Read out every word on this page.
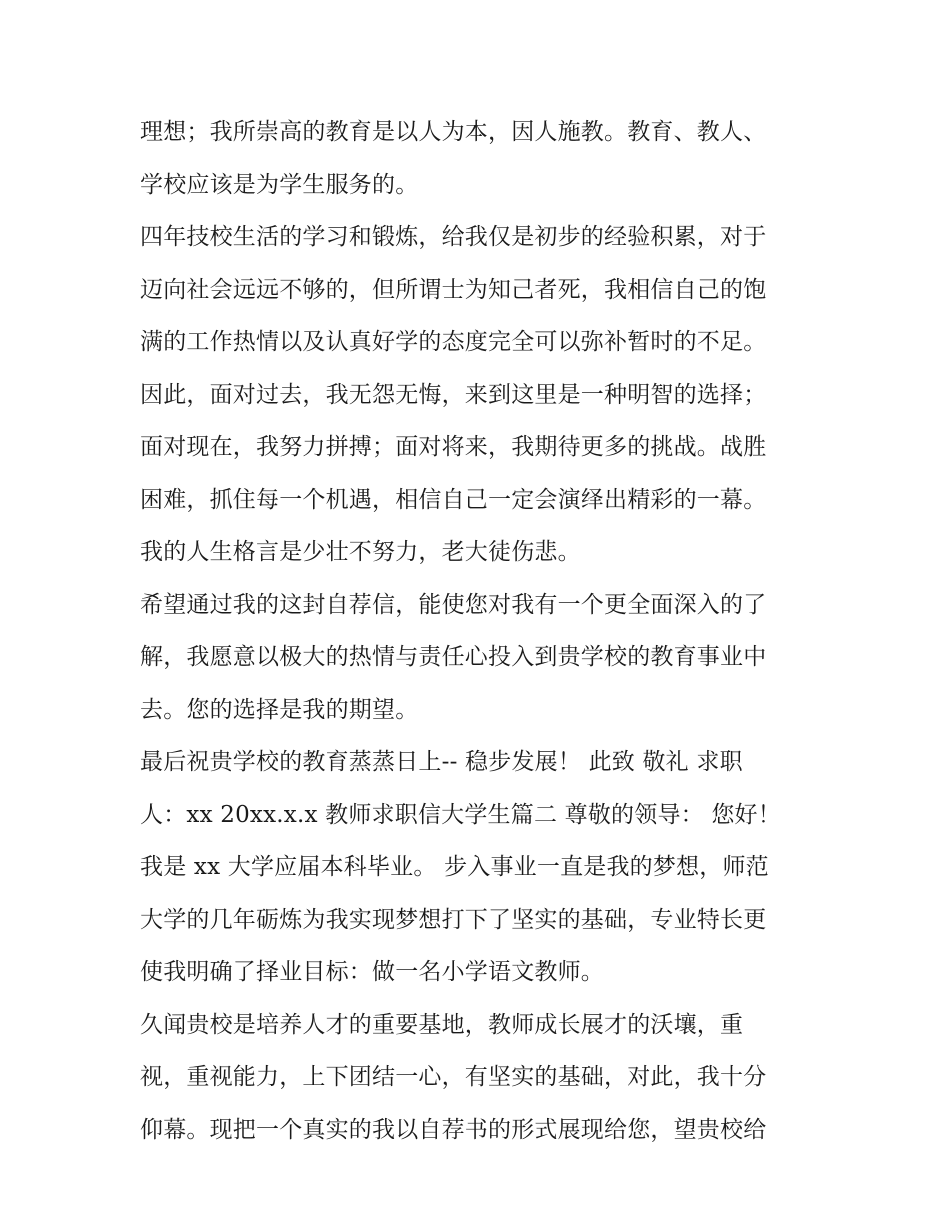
理想；我所崇高的教育是以人为本，因人施教。教育、教人、
学校应该是为学生服务的。
四年技校生活的学习和锻炼，给我仅是初步的经验积累，对于
迈向社会远远不够的，但所谓士为知己者死，我相信自己的饱
满的工作热情以及认真好学的态度完全可以弥补暂时的不足。
因此，面对过去，我无怨无悔，来到这里是一种明智的选择；
面对现在，我努力拼搏；面对将来，我期待更多的挑战。战胜
困难，抓住每一个机遇，相信自己一定会演绎出精彩的一幕。
我的人生格言是少壮不努力，老大徒伤悲。
希望通过我的这封自荐信，能使您对我有一个更全面深入的了
解，我愿意以极大的热情与责任心投入到贵学校的教育事业中
去。您的选择是我的期望。
最后祝贵学校的教育蒸蒸日上-- 稳步发展！ 此致 敬礼 求职
人：xx 20xx.x.x 教师求职信大学生篇二 尊敬的领导： 您好！
我是 xx 大学应届本科毕业。 步入事业一直是我的梦想，师范
大学的几年砺炼为我实现梦想打下了坚实的基础，专业特长更
使我明确了择业目标：做一名小学语文教师。
久闻贵校是培养人才的重要基地，教师成长展才的沃壤，重
视，重视能力，上下团结一心，有坚实的基础，对此，我十分
仰幕。现把一个真实的我以自荐书的形式展现给您，望贵校给
